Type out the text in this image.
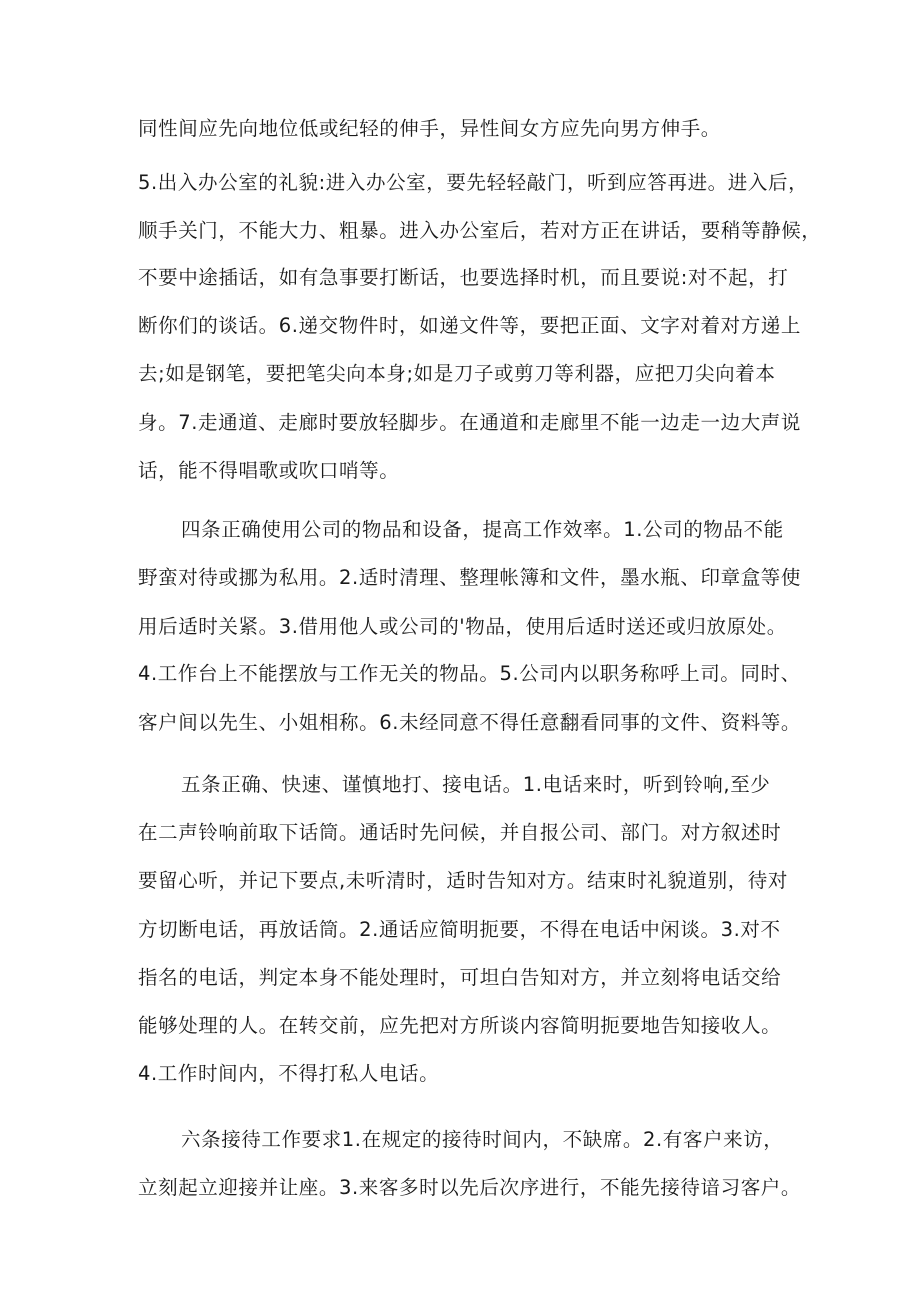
同性间应先向地位低或纪轻的伸手，异性间女方应先向男方伸手。
5.出入办公室的礼貌:进入办公室，要先轻轻敲门，听到应答再进。进入后，
顺手关门，不能大力、粗暴。进入办公室后，若对方正在讲话，要稍等静候，
不要中途插话，如有急事要打断话，也要选择时机，而且要说:对不起，打
断你们的谈话。6.递交物件时，如递文件等，要把正面、文字对着对方递上
去;如是钢笔，要把笔尖向本身;如是刀子或剪刀等利器，应把刀尖向着本
身。7.走通道、走廊时要放轻脚步。在通道和走廊里不能一边走一边大声说
话，能不得唱歌或吹口哨等。
四条正确使用公司的物品和设备，提高工作效率。1.公司的物品不能
野蛮对待或挪为私用。2.适时清理、整理帐簿和文件，墨水瓶、印章盒等使
用后适时关紧。3.借用他人或公司的'物品，使用后适时送还或归放原处。
4.工作台上不能摆放与工作无关的物品。5.公司内以职务称呼上司。同时、
客户间以先生、小姐相称。6.未经同意不得任意翻看同事的文件、资料等。
五条正确、快速、谨慎地打、接电话。1.电话来时，听到铃响,至少
在二声铃响前取下话筒。通话时先问候，并自报公司、部门。对方叙述时
要留心听，并记下要点,未听清时，适时告知对方。结束时礼貌道别，待对
方切断电话，再放话筒。2.通话应简明扼要，不得在电话中闲谈。3.对不
指名的电话，判定本身不能处理时，可坦白告知对方，并立刻将电话交给
能够处理的人。在转交前，应先把对方所谈内容简明扼要地告知接收人。
4.工作时间内，不得打私人电话。
六条接待工作要求1.在规定的接待时间内，不缺席。2.有客户来访，
立刻起立迎接并让座。3.来客多时以先后次序进行，不能先接待谙习客户。
